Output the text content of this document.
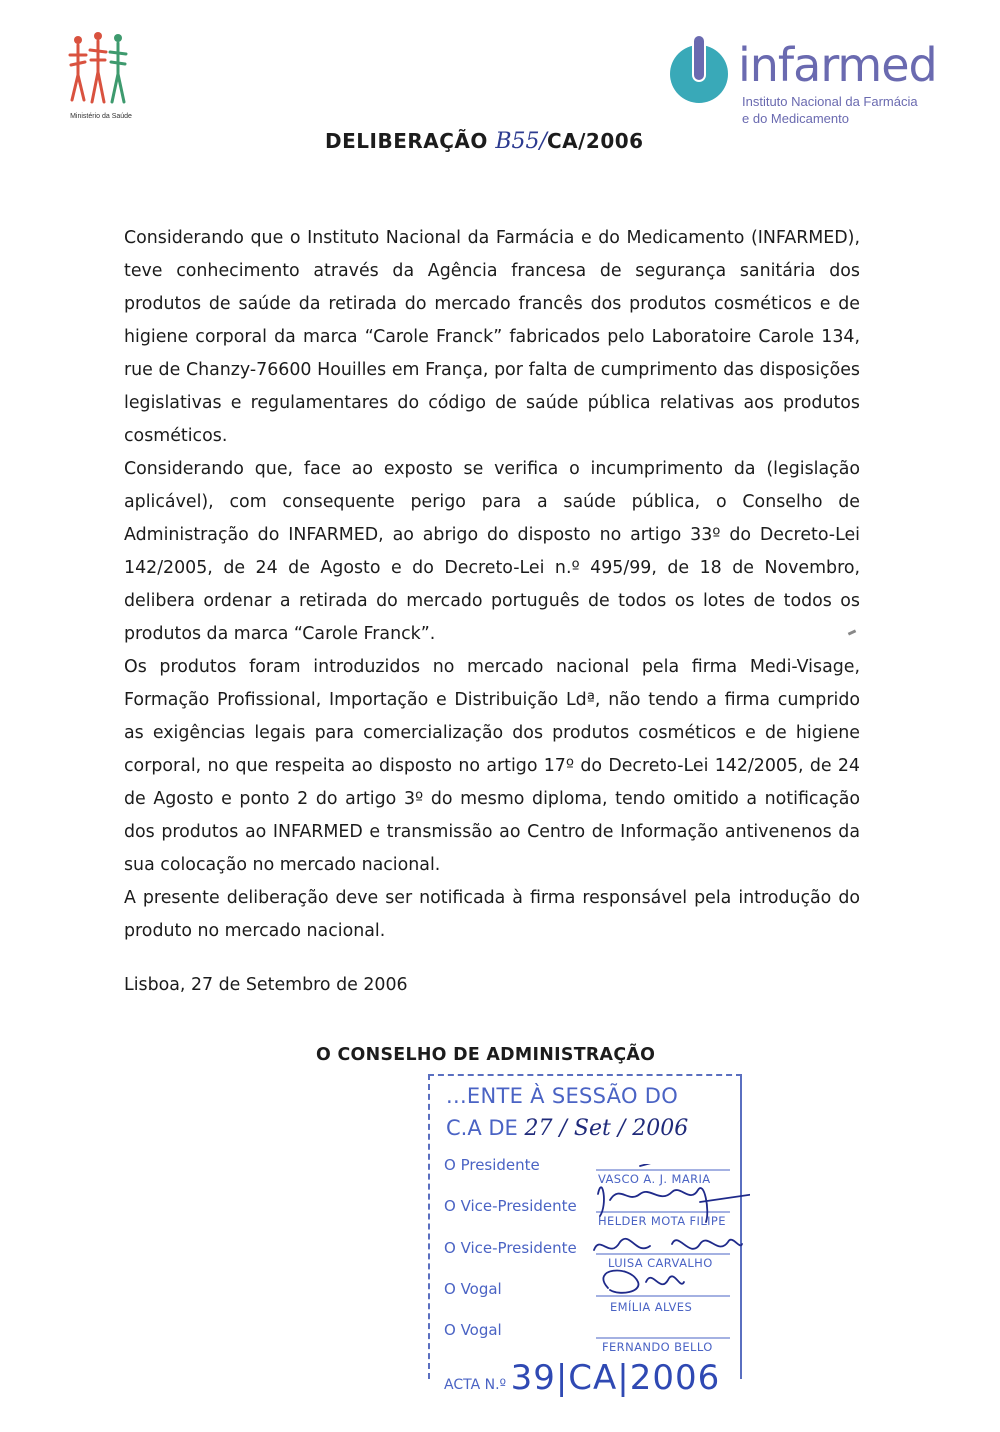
Ministério da Saúde
infarmed
Instituto Nacional da Farmácia
e do Medicamento
DELIBERAÇÃO B55/CA/2006

Considerando que o Instituto Nacional da Farmácia e do Medicamento (INFARMED), teve conhecimento através da Agência francesa de segurança sanitária dos produtos de saúde da retirada do mercado francês dos produtos cosméticos e de higiene corporal da marca “Carole Franck” fabricados pelo Laboratoire Carole 134, rue de Chanzy-76600 Houilles em França, por falta de cumprimento das disposições legislativas e regulamentares do código de saúde pública relativas aos produtos cosméticos.

Considerando que, face ao exposto se verifica o incumprimento da (legislação aplicável), com consequente perigo para a saúde pública, o Conselho de Administração do INFARMED, ao abrigo do disposto no artigo 33º do Decreto-Lei 142/2005, de 24 de Agosto e do Decreto-Lei n.º 495/99, de 18 de Novembro, delibera ordenar a retirada do mercado português de todos os lotes de todos os produtos da marca “Carole Franck”.

Os produtos foram introduzidos no mercado nacional pela firma Medi-Visage, Formação Profissional, Importação e Distribuição Ldª, não tendo a firma cumprido as exigências legais para comercialização dos produtos cosméticos e de higiene corporal, no que respeita ao disposto no artigo 17º do Decreto-Lei 142/2005, de 24 de Agosto e ponto 2 do artigo 3º do mesmo diploma, tendo omitido a notificação dos produtos ao INFARMED e transmissão ao Centro de Informação antivenenos da sua colocação no mercado nacional.

A presente deliberação deve ser notificada à firma responsável pela introdução do produto no mercado nacional.

Lisboa, 27 de Setembro de 2006
O CONSELHO DE ADMINISTRAÇÃO
...ENTE À SESSÃO DO
C.A DE 27 / Set / 2006
O Presidente
VASCO A. J. MARIA
O Vice-Presidente
HELDER MOTA FILIPE
O Vice-Presidente
LUISA CARVALHO
O Vogal
EMÍLIA ALVES
O Vogal
FERNANDO BELLO
ACTA N.º 39|CA|2006
